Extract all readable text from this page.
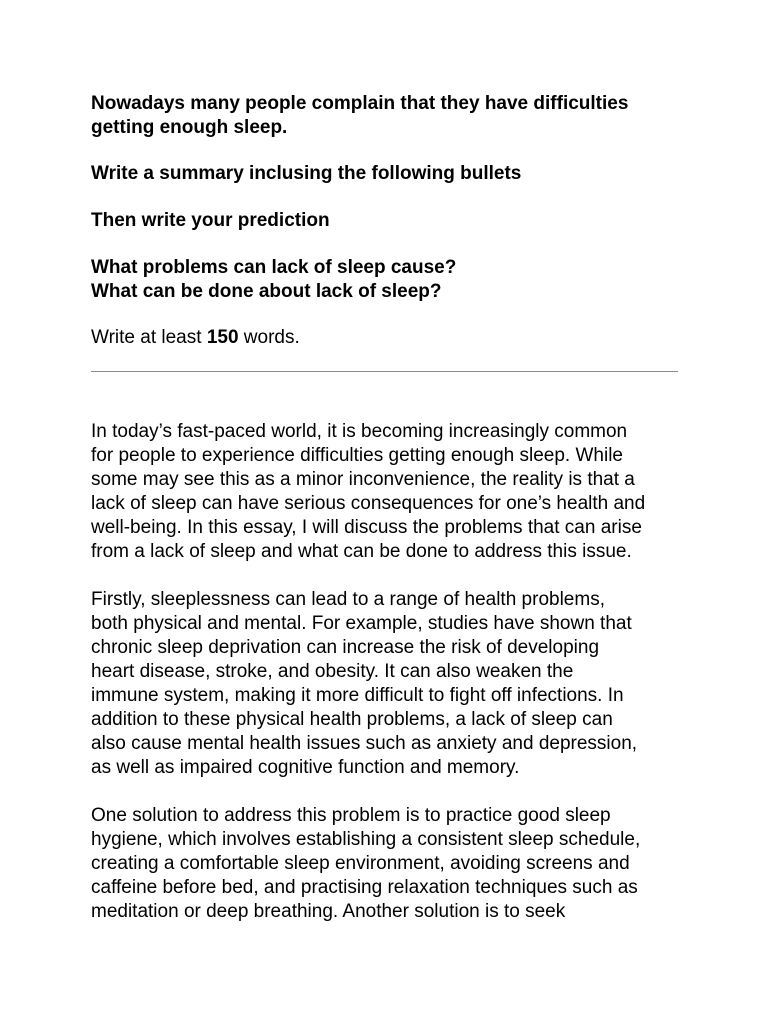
Nowadays many people complain that they have difficulties
getting enough sleep.

Write a summary inclusing the following bullets

Then write your prediction

What problems can lack of sleep cause?

What can be done about lack of sleep?

Write at least 150 words.

In today’s fast-paced world, it is becoming increasingly common
for people to experience difficulties getting enough sleep. While
some may see this as a minor inconvenience, the reality is that a
lack of sleep can have serious consequences for one’s health and
well-being. In this essay, I will discuss the problems that can arise
from a lack of sleep and what can be done to address this issue.

Firstly, sleeplessness can lead to a range of health problems,
both physical and mental. For example, studies have shown that
chronic sleep deprivation can increase the risk of developing
heart disease, stroke, and obesity. It can also weaken the
immune system, making it more difficult to fight off infections. In
addition to these physical health problems, a lack of sleep can
also cause mental health issues such as anxiety and depression,
as well as impaired cognitive function and memory.

One solution to address this problem is to practice good sleep
hygiene, which involves establishing a consistent sleep schedule,
creating a comfortable sleep environment, avoiding screens and
caffeine before bed, and practising relaxation techniques such as
meditation or deep breathing. Another solution is to seek
